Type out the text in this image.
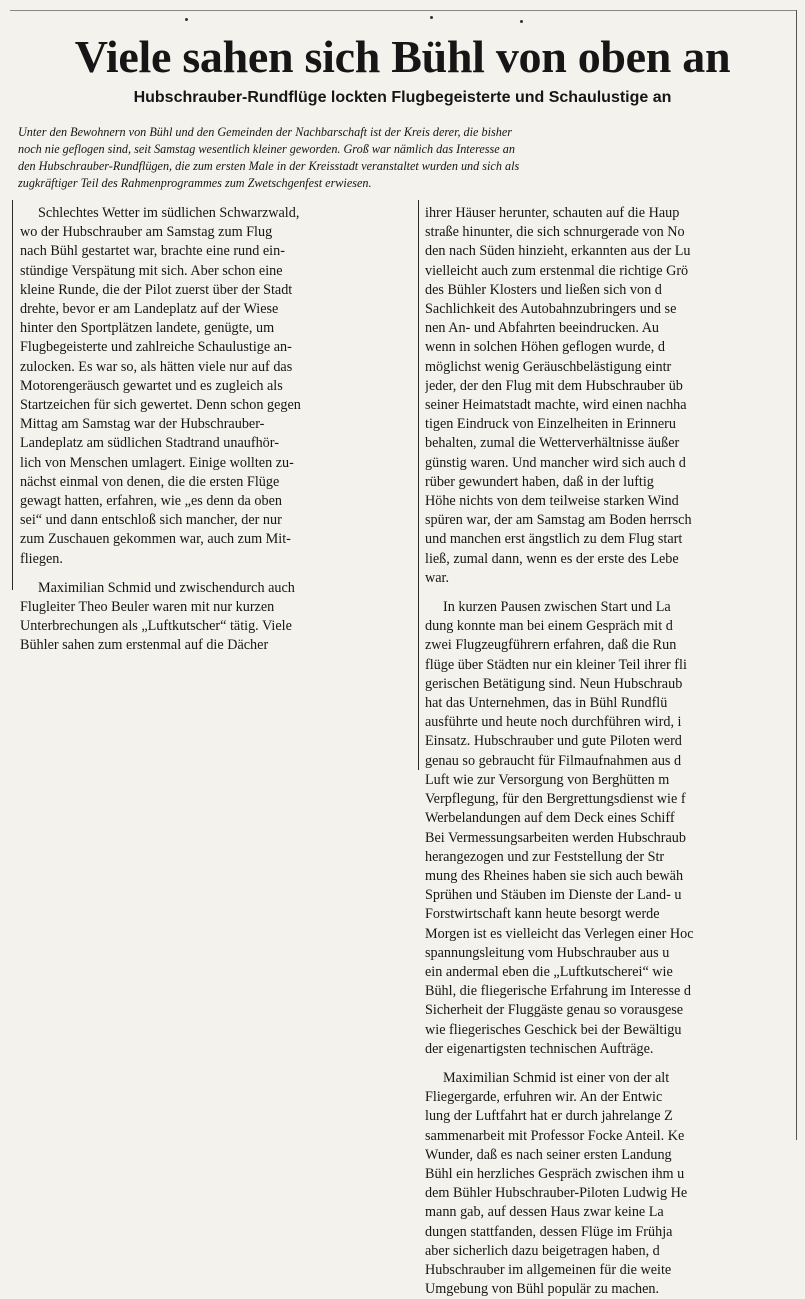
Viele sahen sich Bühl von oben an
Hubschrauber-Rundflüge lockten Flugbegeisterte und Schaulustige an
Unter den Bewohnern von Bühl und den Gemeinden der Nachbarschaft ist der Kreis derer, die bisher
noch nie geflogen sind, seit Samstag wesentlich kleiner geworden. Groß war nämlich das Interesse an
den Hubschrauber-Rundflügen, die zum ersten Male in der Kreisstadt veranstaltet wurden und sich als
zugkräftiger Teil des Rahmenprogrammes zum Zwetschgenfest erwiesen.
Schlechtes Wetter im südlichen Schwarzwald,
wo der Hubschrauber am Samstag zum Flug
nach Bühl gestartet war, brachte eine rund ein-
stündige Verspätung mit sich. Aber schon eine
kleine Runde, die der Pilot zuerst über der Stadt
drehte, bevor er am Landeplatz auf der Wiese
hinter den Sportplätzen landete, genügte, um
Flugbegeisterte und zahlreiche Schaulustige an-
zulocken. Es war so, als hätten viele nur auf das
Motorengeräusch gewartet und es zugleich als
Startzeichen für sich gewertet. Denn schon gegen
Mittag am Samstag war der Hubschrauber-
Landeplatz am südlichen Stadtrand unaufhör-
lich von Menschen umlagert. Einige wollten zu-
nächst einmal von denen, die die ersten Flüge
gewagt hatten, erfahren, wie „es denn da oben
sei“ und dann entschloß sich mancher, der nur
zum Zuschauen gekommen war, auch zum Mit-
fliegen.
Maximilian Schmid und zwischendurch auch
Flugleiter Theo Beuler waren mit nur kurzen
Unterbrechungen als „Luftkutscher“ tätig. Viele
Bühler sahen zum erstenmal auf die Dächer
ihrer Häuser herunter, schauten auf die Haup
straße hinunter, die sich schnurgerade von No
den nach Süden hinzieht, erkannten aus der Lu
vielleicht auch zum erstenmal die richtige Grö
des Bühler Klosters und ließen sich von d
Sachlichkeit des Autobahnzubringers und se
nen An- und Abfahrten beeindrucken. Au
wenn in solchen Höhen geflogen wurde, d
möglichst wenig Geräuschbelästigung eintr
jeder, der den Flug mit dem Hubschrauber üb
seiner Heimatstadt machte, wird einen nachha
tigen Eindruck von Einzelheiten in Erinneru
behalten, zumal die Wetterverhältnisse äußer
günstig waren. Und mancher wird sich auch d
rüber gewundert haben, daß in der luftig
Höhe nichts von dem teilweise starken Wind
spüren war, der am Samstag am Boden herrsch
und manchen erst ängstlich zu dem Flug start
ließ, zumal dann, wenn es der erste des Lebe
war.
In kurzen Pausen zwischen Start und La
dung konnte man bei einem Gespräch mit d
zwei Flugzeugführern erfahren, daß die Run
flüge über Städten nur ein kleiner Teil ihrer fli
gerischen Betätigung sind. Neun Hubschraub
hat das Unternehmen, das in Bühl Rundflü
ausführte und heute noch durchführen wird, i
Einsatz. Hubschrauber und gute Piloten werd
genau so gebraucht für Filmaufnahmen aus d
Luft wie zur Versorgung von Berghütten m
Verpflegung, für den Bergrettungsdienst wie f
Werbelandungen auf dem Deck eines Schiff
Bei Vermessungsarbeiten werden Hubschraub
herangezogen und zur Feststellung der Str
mung des Rheines haben sie sich auch bewäh
Sprühen und Stäuben im Dienste der Land- u
Forstwirtschaft kann heute besorgt werde
Morgen ist es vielleicht das Verlegen einer Hoc
spannungsleitung vom Hubschrauber aus u
ein andermal eben die „Luftkutscherei“ wie
Bühl, die fliegerische Erfahrung im Interesse d
Sicherheit der Fluggäste genau so vorausgese
wie fliegerisches Geschick bei der Bewältigu
der eigenartigsten technischen Aufträge.
Maximilian Schmid ist einer von der alt
Fliegergarde, erfuhren wir. An der Entwic
lung der Luftfahrt hat er durch jahrelange Z
sammenarbeit mit Professor Focke Anteil. Ke
Wunder, daß es nach seiner ersten Landung
Bühl ein herzliches Gespräch zwischen ihm u
dem Bühler Hubschrauber-Piloten Ludwig He
mann gab, auf dessen Haus zwar keine La
dungen stattfanden, dessen Flüge im Frühja
aber sicherlich dazu beigetragen haben, d
Hubschrauber im allgemeinen für die weite
Umgebung von Bühl populär zu machen.
